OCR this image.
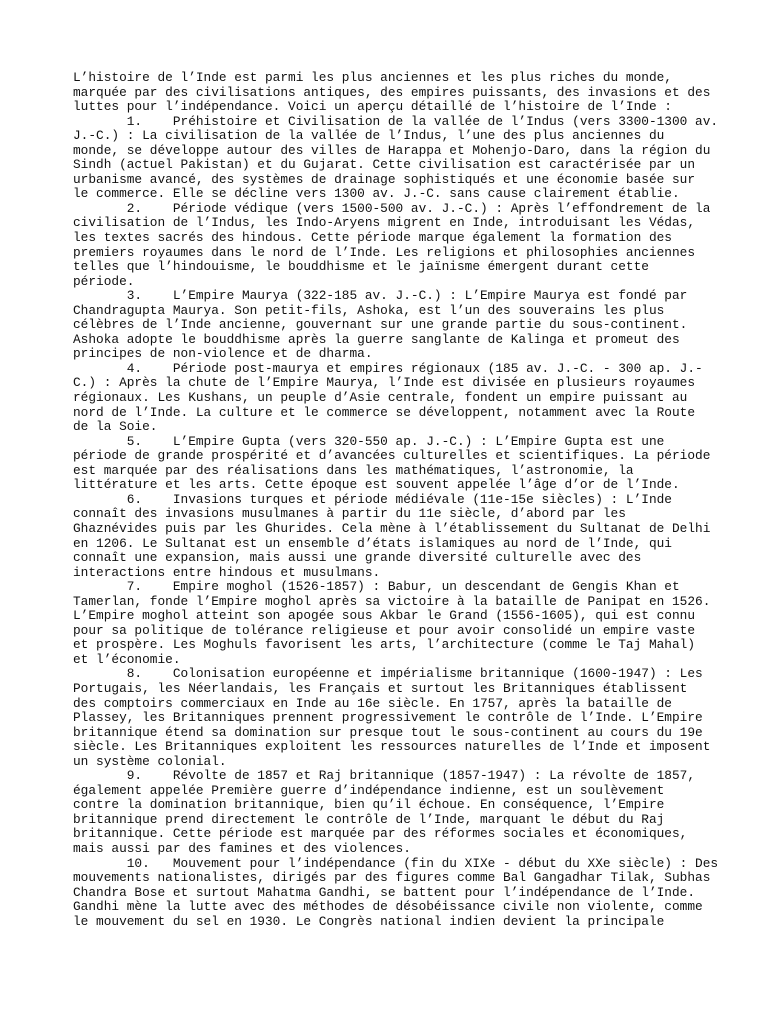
L’histoire de l’Inde est parmi les plus anciennes et les plus riches du monde,
marquée par des civilisations antiques, des empires puissants, des invasions et des
luttes pour l’indépendance. Voici un aperçu détaillé de l’histoire de l’Inde :
1.    Préhistoire et Civilisation de la vallée de l’Indus (vers 3300-1300 av.
J.-C.) : La civilisation de la vallée de l’Indus, l’une des plus anciennes du
monde, se développe autour des villes de Harappa et Mohenjo-Daro, dans la région du
Sindh (actuel Pakistan) et du Gujarat. Cette civilisation est caractérisée par un
urbanisme avancé, des systèmes de drainage sophistiqués et une économie basée sur
le commerce. Elle se décline vers 1300 av. J.-C. sans cause clairement établie.
2.    Période védique (vers 1500-500 av. J.-C.) : Après l’effondrement de la
civilisation de l’Indus, les Indo-Aryens migrent en Inde, introduisant les Védas,
les textes sacrés des hindous. Cette période marque également la formation des
premiers royaumes dans le nord de l’Inde. Les religions et philosophies anciennes
telles que l’hindouisme, le bouddhisme et le jaïnisme émergent durant cette
période.
3.    L’Empire Maurya (322-185 av. J.-C.) : L’Empire Maurya est fondé par
Chandragupta Maurya. Son petit-fils, Ashoka, est l’un des souverains les plus
célèbres de l’Inde ancienne, gouvernant sur une grande partie du sous-continent.
Ashoka adopte le bouddhisme après la guerre sanglante de Kalinga et promeut des
principes de non-violence et de dharma.
4.    Période post-maurya et empires régionaux (185 av. J.-C. - 300 ap. J.-
C.) : Après la chute de l’Empire Maurya, l’Inde est divisée en plusieurs royaumes
régionaux. Les Kushans, un peuple d’Asie centrale, fondent un empire puissant au
nord de l’Inde. La culture et le commerce se développent, notamment avec la Route
de la Soie.
5.    L’Empire Gupta (vers 320-550 ap. J.-C.) : L’Empire Gupta est une
période de grande prospérité et d’avancées culturelles et scientifiques. La période
est marquée par des réalisations dans les mathématiques, l’astronomie, la
littérature et les arts. Cette époque est souvent appelée l’âge d’or de l’Inde.
6.    Invasions turques et période médiévale (11e-15e siècles) : L’Inde
connaît des invasions musulmanes à partir du 11e siècle, d’abord par les
Ghaznévides puis par les Ghurides. Cela mène à l’établissement du Sultanat de Delhi
en 1206. Le Sultanat est un ensemble d’états islamiques au nord de l’Inde, qui
connaît une expansion, mais aussi une grande diversité culturelle avec des
interactions entre hindous et musulmans.
7.    Empire moghol (1526-1857) : Babur, un descendant de Gengis Khan et
Tamerlan, fonde l’Empire moghol après sa victoire à la bataille de Panipat en 1526.
L’Empire moghol atteint son apogée sous Akbar le Grand (1556-1605), qui est connu
pour sa politique de tolérance religieuse et pour avoir consolidé un empire vaste
et prospère. Les Moghuls favorisent les arts, l’architecture (comme le Taj Mahal)
et l’économie.
8.    Colonisation européenne et impérialisme britannique (1600-1947) : Les
Portugais, les Néerlandais, les Français et surtout les Britanniques établissent
des comptoirs commerciaux en Inde au 16e siècle. En 1757, après la bataille de
Plassey, les Britanniques prennent progressivement le contrôle de l’Inde. L’Empire
britannique étend sa domination sur presque tout le sous-continent au cours du 19e
siècle. Les Britanniques exploitent les ressources naturelles de l’Inde et imposent
un système colonial.
9.    Révolte de 1857 et Raj britannique (1857-1947) : La révolte de 1857,
également appelée Première guerre d’indépendance indienne, est un soulèvement
contre la domination britannique, bien qu’il échoue. En conséquence, l’Empire
britannique prend directement le contrôle de l’Inde, marquant le début du Raj
britannique. Cette période est marquée par des réformes sociales et économiques,
mais aussi par des famines et des violences.
10.   Mouvement pour l’indépendance (fin du XIXe - début du XXe siècle) : Des
mouvements nationalistes, dirigés par des figures comme Bal Gangadhar Tilak, Subhas
Chandra Bose et surtout Mahatma Gandhi, se battent pour l’indépendance de l’Inde.
Gandhi mène la lutte avec des méthodes de désobéissance civile non violente, comme
le mouvement du sel en 1930. Le Congrès national indien devient la principale
